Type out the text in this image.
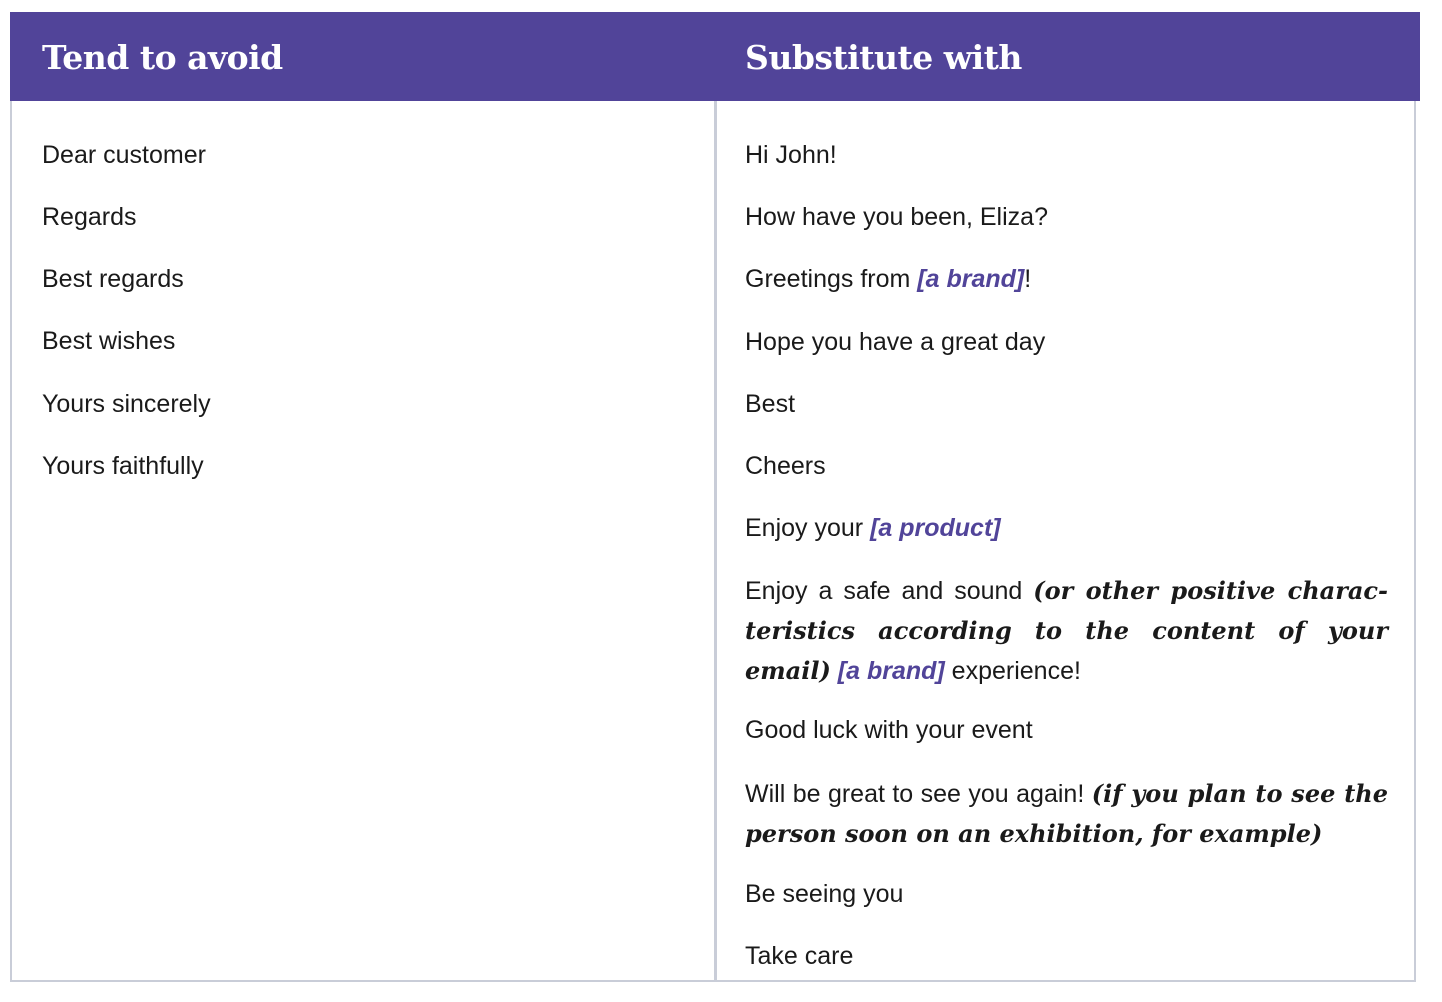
Tend to avoid	Substitute with
Dear customer
Regards
Best regards
Best wishes
Yours sincerely
Yours faithfully
Hi John!
How have you been, Eliza?
Greetings from [a brand]!
Hope you have a great day
Best
Cheers
Enjoy your [a product]
Enjoy a safe and sound (or other positive charac-teristics according to the content of your email) [a brand] experience!
Good luck with your event
Will be great to see you again! (if you plan to see the person soon on an exhibition, for example)
Be seeing you
Take care
